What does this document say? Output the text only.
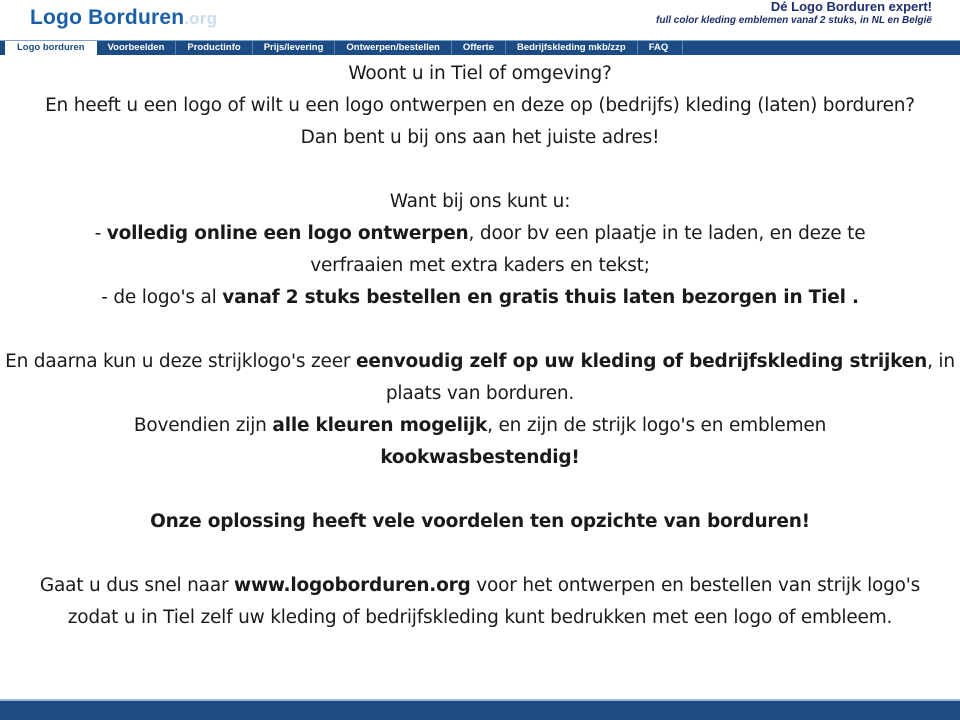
Logo Borduren.org
Dé Logo Borduren expert!
full color kleding emblemen vanaf 2 stuks, in NL en België
Logo borduren	Voorbeelden	Productinfo	Prijs/levering	Ontwerpen/bestellen	Offerte	Bedrijfskleding mkb/zzp	FAQ

Woont u in Tiel of omgeving?

En heeft u een logo of wilt u een logo ontwerpen en deze op (bedrijfs) kleding (laten) borduren?

Dan bent u bij ons aan het juiste adres!

Want bij ons kunt u:

- volledig online een logo ontwerpen, door bv een plaatje in te laden, en deze te verfraaien met extra kaders en tekst;

- de logo's al vanaf 2 stuks bestellen en gratis thuis laten bezorgen in Tiel .

En daarna kun u deze strijklogo's zeer eenvoudig zelf op uw kleding of bedrijfskleding strijken, in plaats van borduren.

Bovendien zijn alle kleuren mogelijk, en zijn de strijk logo's en emblemen kookwasbestendig!

Onze oplossing heeft vele voordelen ten opzichte van borduren!

Gaat u dus snel naar www.logoborduren.org voor het ontwerpen en bestellen van strijk logo's zodat u in Tiel zelf uw kleding of bedrijfskleding kunt bedrukken met een logo of embleem.
